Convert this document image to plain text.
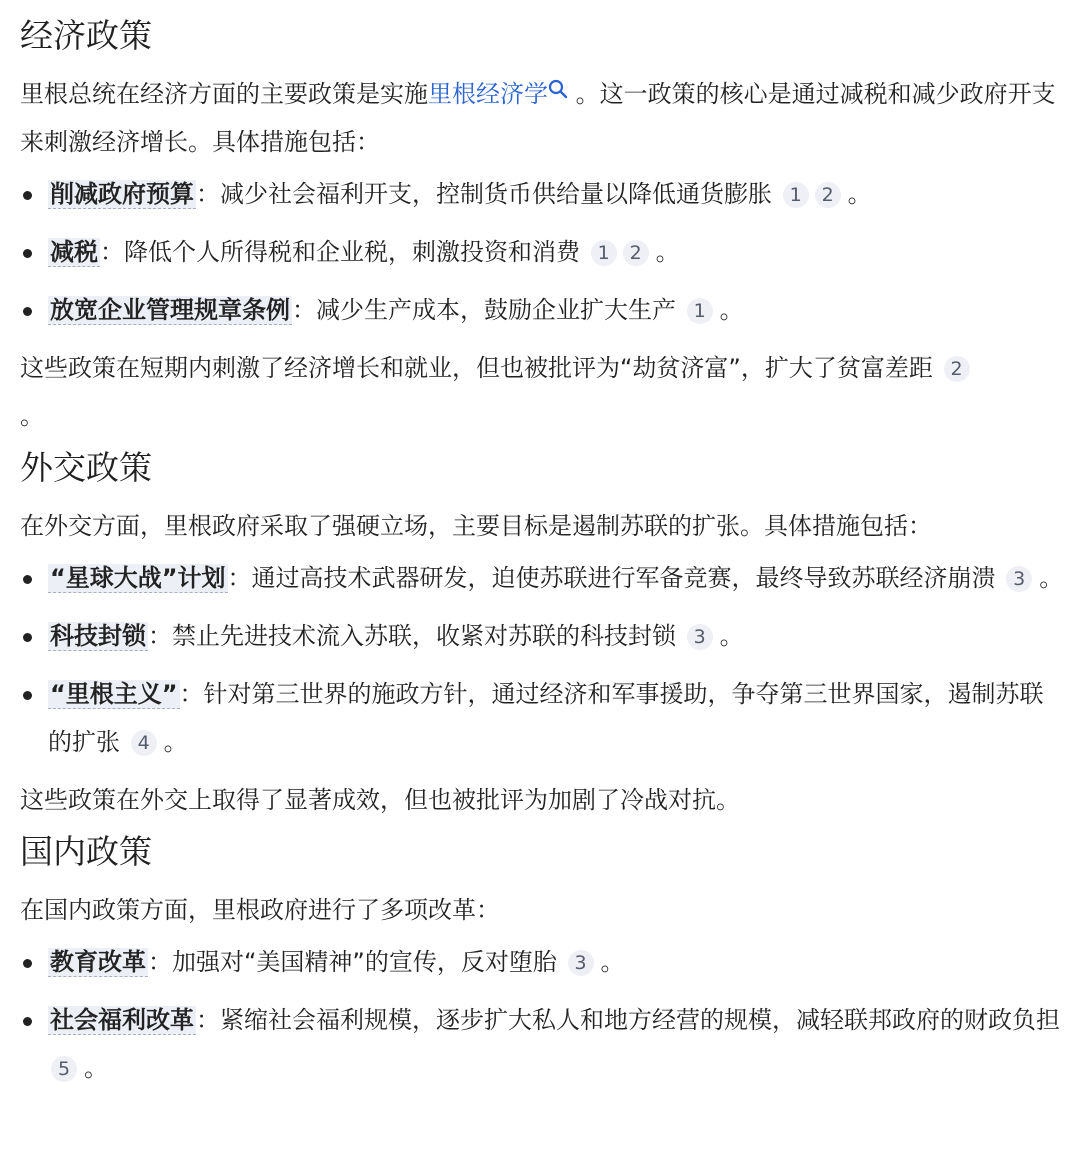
经济政策

里根总统在经济方面的主要政策是实施里根经济学 。这一政策的核心是通过减税和减少政府开支来刺激经济增长。具体措施包括：

削减政府预算：减少社会福利开支，控制货币供给量以降低通货膨胀 1 2 。
减税：降低个人所得税和企业税，刺激投资和消费 1 2 。
放宽企业管理规章条例：减少生产成本，鼓励企业扩大生产 1 。

这些政策在短期内刺激了经济增长和就业，但也被批评为“劫贫济富”，扩大了贫富差距 2
。

外交政策

在外交方面，里根政府采取了强硬立场，主要目标是遏制苏联的扩张。具体措施包括：

“星球大战”计划：通过高技术武器研发，迫使苏联进行军备竞赛，最终导致苏联经济崩溃 3 。
科技封锁：禁止先进技术流入苏联，收紧对苏联的科技封锁 3 。
“里根主义”：针对第三世界的施政方针，通过经济和军事援助，争夺第三世界国家，遏制苏联的扩张 4 。

这些政策在外交上取得了显著成效，但也被批评为加剧了冷战对抗。

国内政策

在国内政策方面，里根政府进行了多项改革：

教育改革：加强对“美国精神”的宣传，反对堕胎 3 。
社会福利改革：紧缩社会福利规模，逐步扩大私人和地方经营的规模，减轻联邦政府的财政负担 5 。
